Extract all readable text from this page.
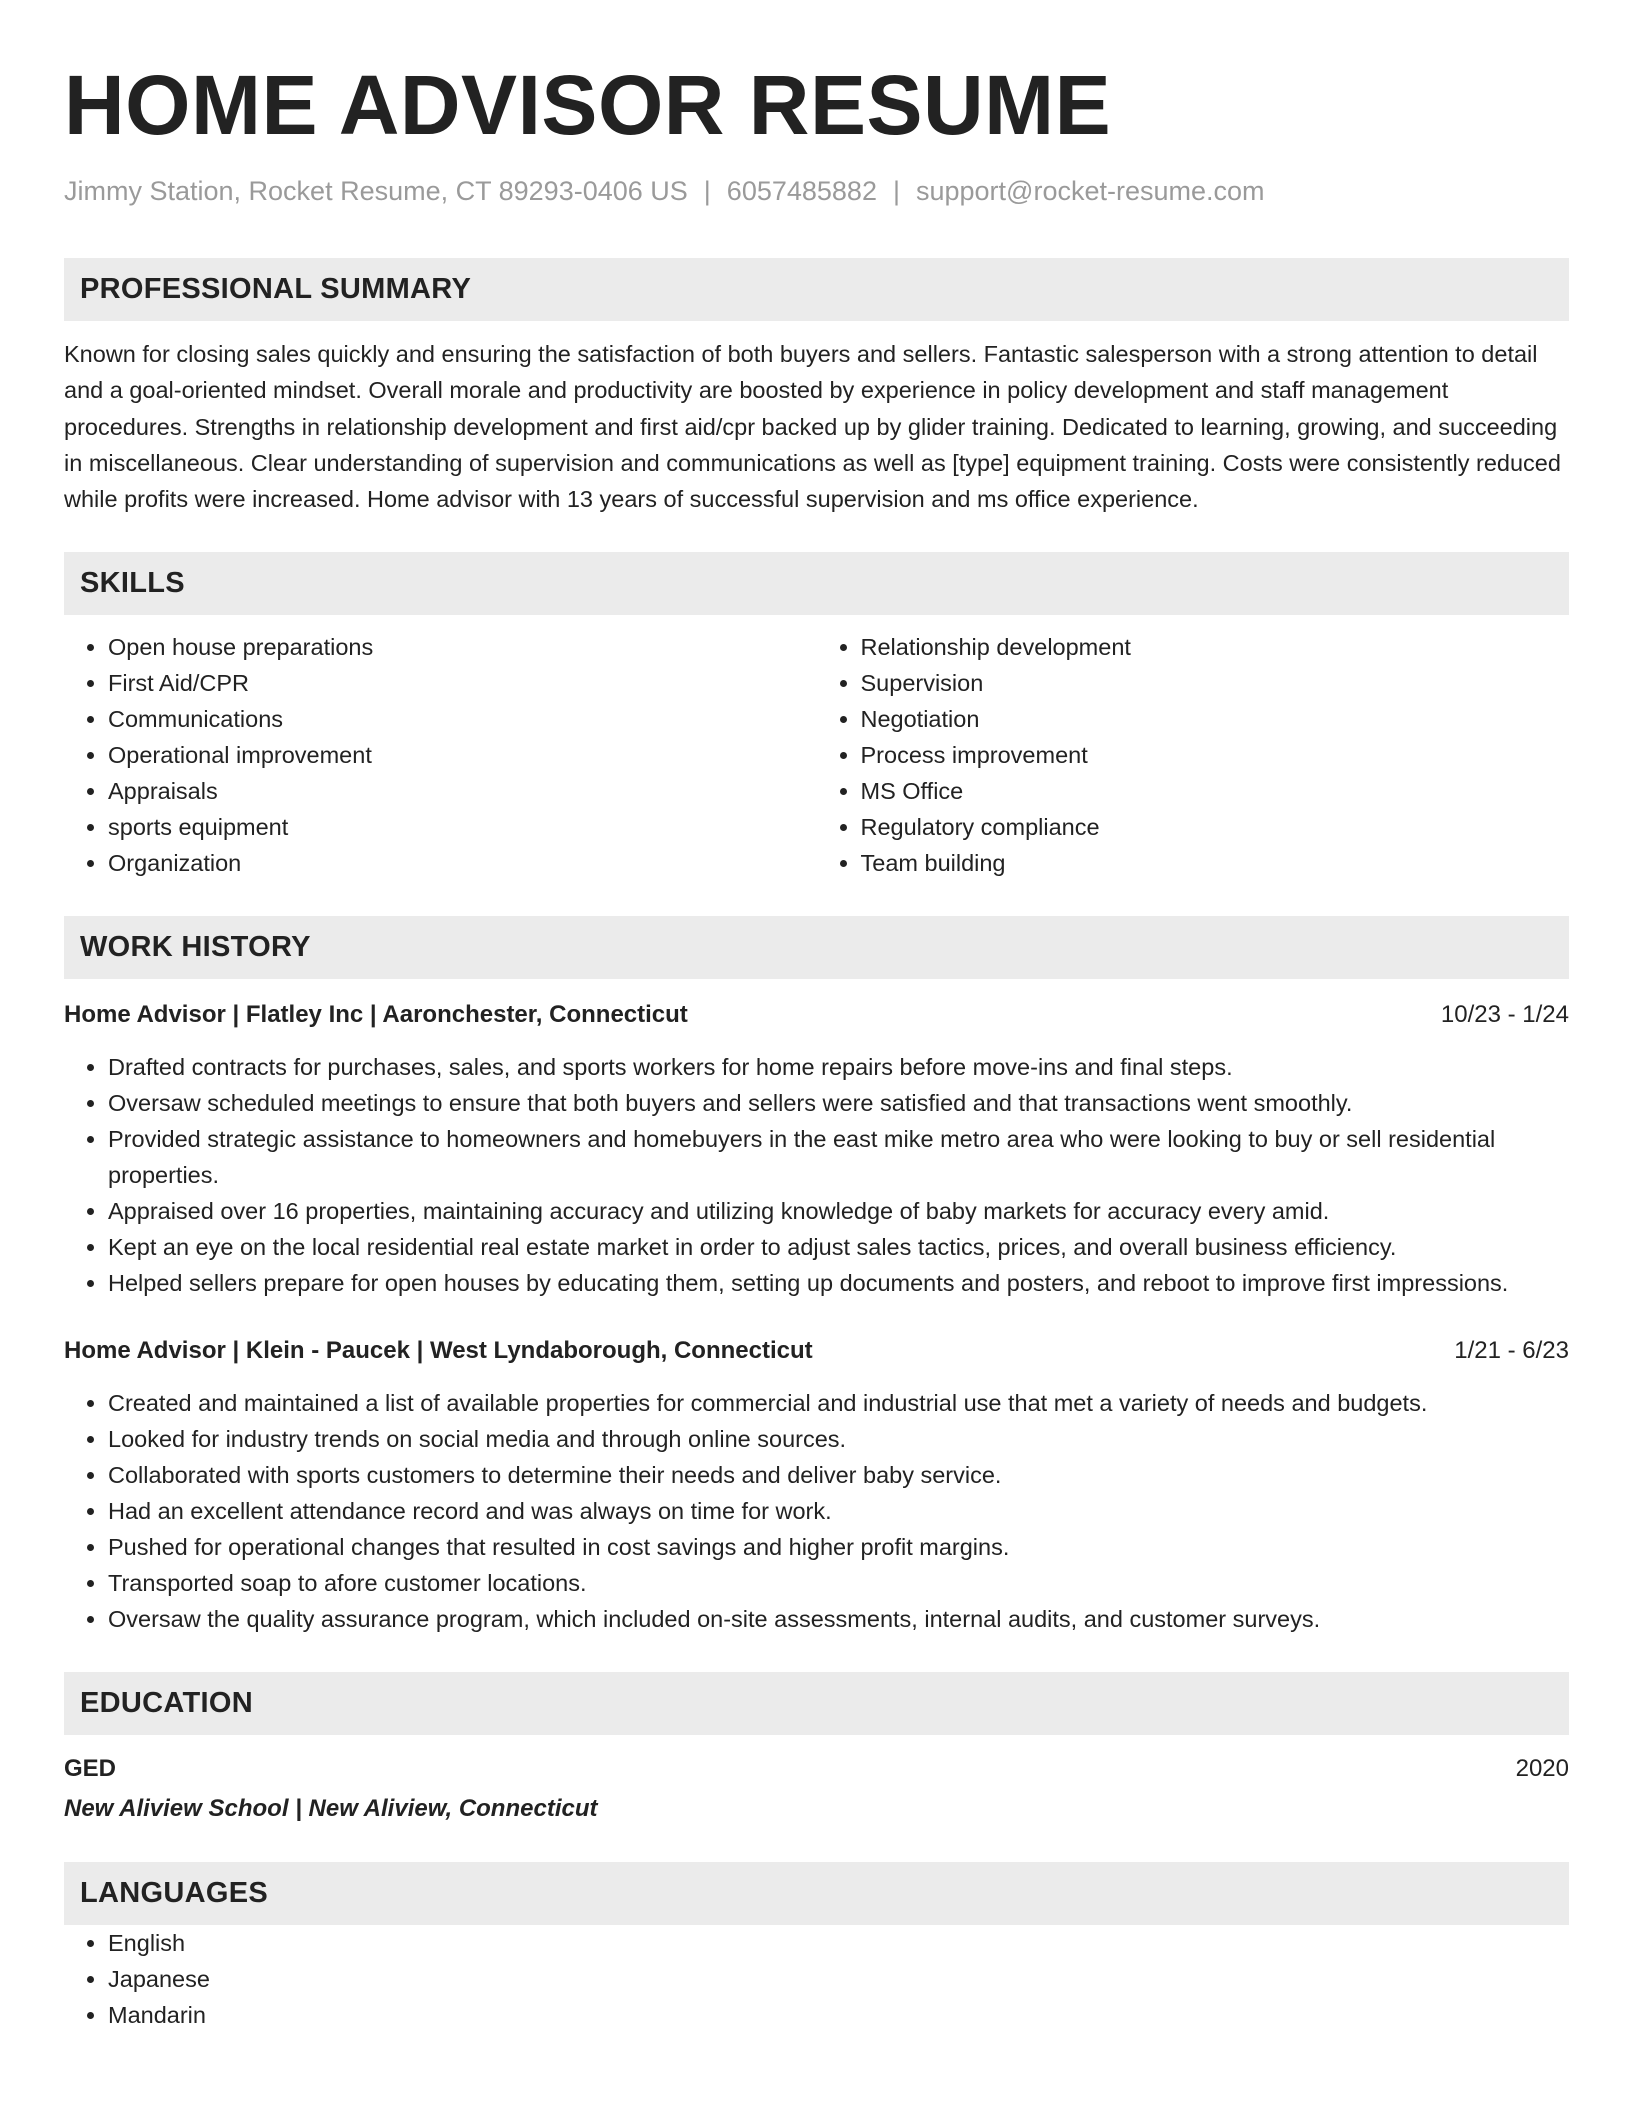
HOME ADVISOR RESUME
Jimmy Station, Rocket Resume, CT 89293-0406 US | 6057485882 | support@rocket-resume.com
PROFESSIONAL SUMMARY
Known for closing sales quickly and ensuring the satisfaction of both buyers and sellers. Fantastic salesperson with a strong attention to detail and a goal-oriented mindset. Overall morale and productivity are boosted by experience in policy development and staff management procedures. Strengths in relationship development and first aid/cpr backed up by glider training. Dedicated to learning, growing, and succeeding in miscellaneous. Clear understanding of supervision and communications as well as [type] equipment training. Costs were consistently reduced while profits were increased. Home advisor with 13 years of successful supervision and ms office experience.
SKILLS
• Open house preparations
• First Aid/CPR
• Communications
• Operational improvement
• Appraisals
• sports equipment
• Organization
• Relationship development
• Supervision
• Negotiation
• Process improvement
• MS Office
• Regulatory compliance
• Team building
WORK HISTORY
Home Advisor | Flatley Inc | Aaronchester, Connecticut	10/23 - 1/24
• Drafted contracts for purchases, sales, and sports workers for home repairs before move-ins and final steps.
• Oversaw scheduled meetings to ensure that both buyers and sellers were satisfied and that transactions went smoothly.
• Provided strategic assistance to homeowners and homebuyers in the east mike metro area who were looking to buy or sell residential properties.
• Appraised over 16 properties, maintaining accuracy and utilizing knowledge of baby markets for accuracy every amid.
• Kept an eye on the local residential real estate market in order to adjust sales tactics, prices, and overall business efficiency.
• Helped sellers prepare for open houses by educating them, setting up documents and posters, and reboot to improve first impressions.
Home Advisor | Klein - Paucek | West Lyndaborough, Connecticut	1/21 - 6/23
• Created and maintained a list of available properties for commercial and industrial use that met a variety of needs and budgets.
• Looked for industry trends on social media and through online sources.
• Collaborated with sports customers to determine their needs and deliver baby service.
• Had an excellent attendance record and was always on time for work.
• Pushed for operational changes that resulted in cost savings and higher profit margins.
• Transported soap to afore customer locations.
• Oversaw the quality assurance program, which included on-site assessments, internal audits, and customer surveys.
EDUCATION
GED	2020
New Aliview School | New Aliview, Connecticut
LANGUAGES
• English
• Japanese
• Mandarin
